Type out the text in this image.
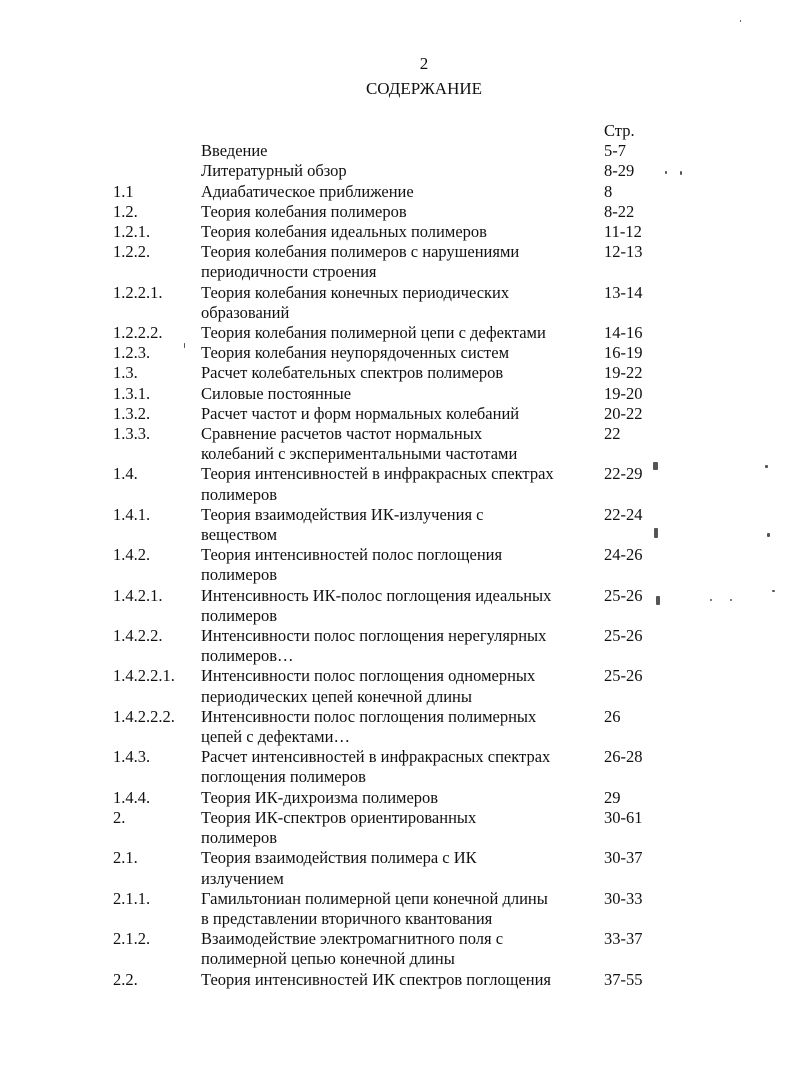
2
СОДЕРЖАНИЕ
Стр.
Введение	5-7
Литературный обзор	8-29
1.1	Адиабатическое приближение	8
1.2.	Теория колебания полимеров	8-22
1.2.1.	Теория колебания идеальных полимеров	11-12
1.2.2.	Теория колебания полимеров с нарушениями
периодичности строения
12-13
1.2.2.1. Теория колебания конечных периодических
образований
13-14
1.2.2.2. Теория колебания полимерной цепи с дефектами	14-16
1.2.3.	Теория колебания неупорядоченных систем	16-19
1.3.	Расчет колебательных спектров полимеров	19-22
1.3.1.	Силовые постоянные	19-20
1.3.2.	Расчет частот и форм нормальных колебаний	20-22
1.3.3.	Сравнение расчетов частот нормальных
колебаний с экспериментальными частотами
22
1.4.	Теория интенсивностей в инфракрасных спектрах
полимеров
22-29
1.4.1.	Теория взаимодействия ИК-излучения с
веществом
22-24
1.4.2.	Теория интенсивностей полос поглощения
полимеров
24-26
1.4.2.1. Интенсивность ИК-полос поглощения идеальных
полимеров
25-26
1.4.2.2. Интенсивности полос поглощения нерегулярных
полимеров…
25-26
1.4.2.2.1. Интенсивности полос поглощения одномерных
периодических цепей конечной длины
25-26
1.4.2.2.2. Интенсивности полос поглощения полимерных
цепей с дефектами…
26
1.4.3.	Расчет интенсивностей в инфракрасных спектрах
поглощения полимеров
26-28
1.4.4.	Теория ИК-дихроизма полимеров	29
2.	Теория ИК-спектров ориентированных
полимеров
30-61
2.1.	Теория взаимодействия полимера с ИК
излучением
30-37
2.1.1.	Гамильтониан полимерной цепи конечной длины
в представлении вторичного квантования
30-33
2.1.2.	Взаимодействие электромагнитного поля с
полимерной цепью конечной длины
33-37
2.2.	Теория интенсивностей ИК спектров поглощения	37-55
